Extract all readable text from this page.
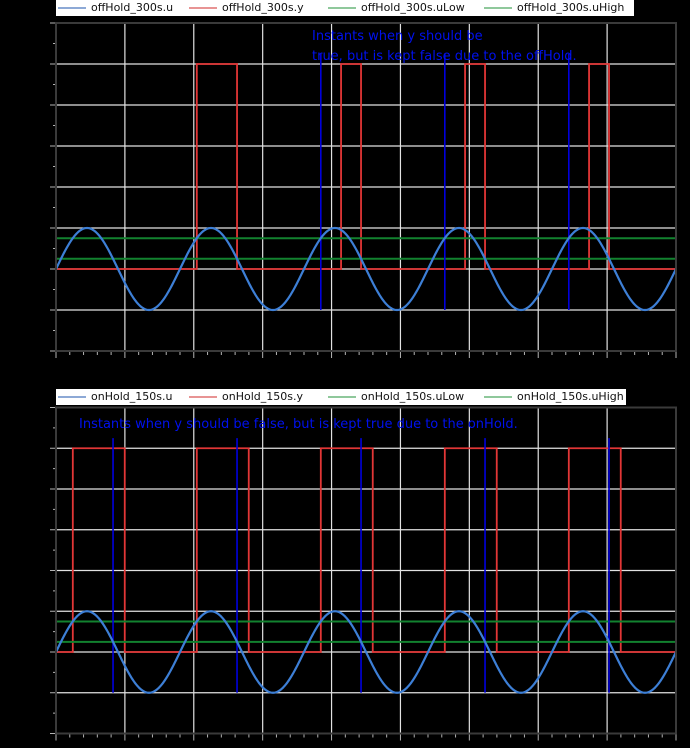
offHold_300s.u	offHold_300s.y	offHold_300s.uLow	offHold_300s.uHigh
onHold_150s.u	onHold_150s.y	onHold_150s.uLow	onHold_150s.uHigh
Instants when y should be
true, but is kept false due to the offHold.
Instants when y should be false, but is kept true due to the onHold.
